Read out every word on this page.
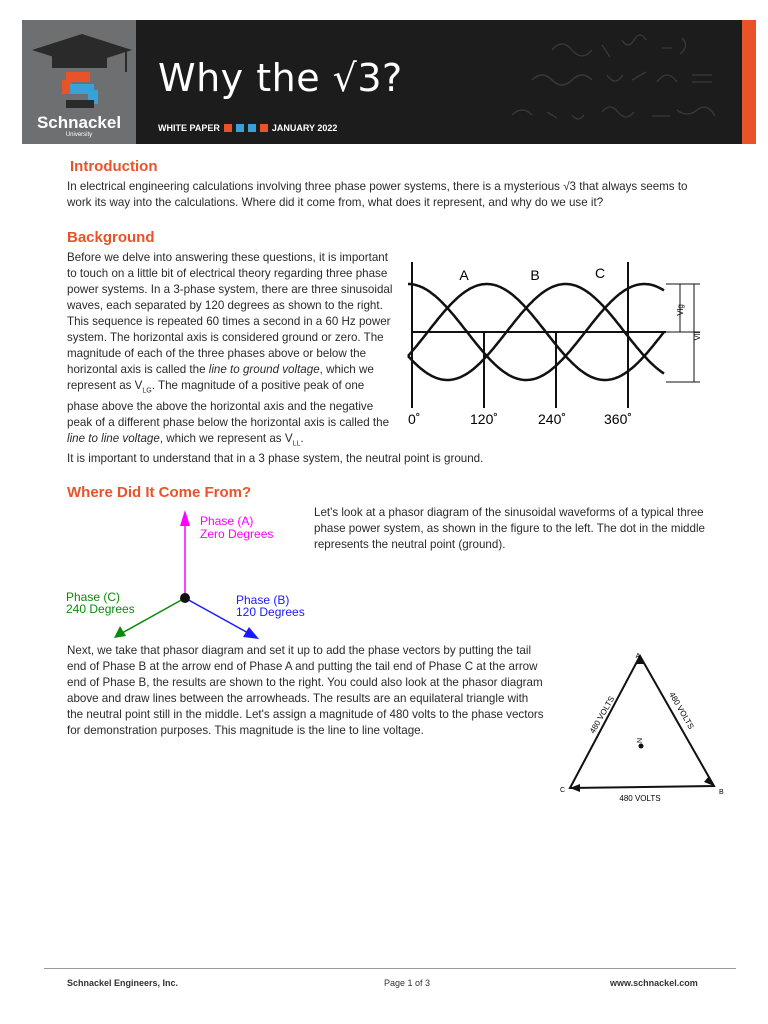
Schnackel
University
Why the √3?
WHITE PAPER	JANUARY 2022
Introduction

In electrical engineering calculations involving three phase power systems, there is a mysterious √3 that always seems to work its way into the calculations. Where did it come from, what does it represent, and why do we use it?

Background

Before we delve into answering these questions, it is important to touch on a little bit of electrical theory regarding three phase power systems. In a 3-phase system, there are three sinusoidal waves, each separated by 120 degrees as shown to the right. This sequence is repeated 60 times a second in a 60 Hz power system. The horizontal axis is considered ground or zero. The magnitude of each of the three phases above or below the horizontal axis is called the line to ground voltage, which we represent as $V_{LG}$. The magnitude of a positive peak of one phase above the above the horizontal axis and the negative peak of a different phase below the horizontal axis is called the line to line voltage, which we represent as $V_{LL}$.

Vlg
Vll
A	B	C
0˚	120˚	240˚	360˚

It is important to understand that in a 3 phase system, the neutral point is ground.

Where Did It Come From?
Phase (A)
Zero Degrees
Phase (B)
120 Degrees
Phase (C)
240 Degrees

Let's look at a phasor diagram of the sinusoidal waveforms of a typical three phase power system, as shown in the figure to the left. The dot in the middle represents the neutral point (ground).

Next, we take that phasor diagram and set it up to add the phase vectors by putting the tail end of Phase B at the arrow end of Phase A and putting the tail end of Phase C at the arrow end of Phase B, the results are shown to the right. You could also look at the phasor diagram above and draw lines between the arrowheads. The results are an equilateral triangle with the neutral point still in the middle. Let's assign a magnitude of 480 volts to the phase vectors for demonstration purposes. This magnitude is the line to line voltage.

A
B
C
N
480 VOLTS	480 VOLTS
480 VOLTS
Schnackel Engineers, Inc.	Page 1 of 3	www.schnackel.com
